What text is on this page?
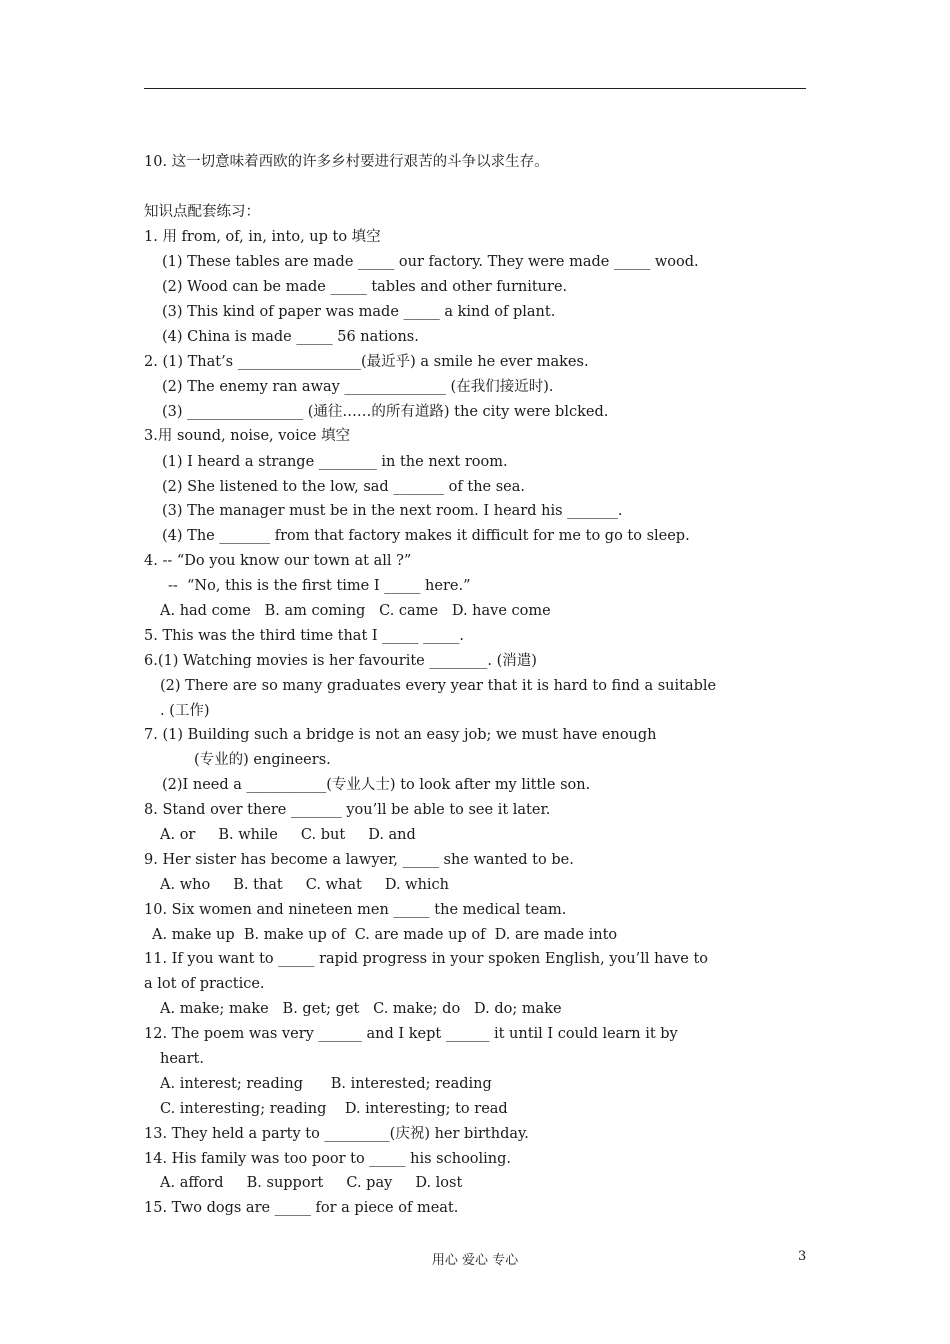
10. 这一切意味着西欧的许多乡村要进行艰苦的斗争以求生存。
知识点配套练习：
1. 用 from, of, in, into, up to 填空
(1) These tables are made _____ our factory. They were made _____ wood.
(2) Wood can be made _____ tables and other furniture.
(3) This kind of paper was made _____ a kind of plant.
(4) China is made _____ 56 nations.
2. (1) That’s _________________(最近乎) a smile he ever makes.
(2) The enemy ran away ______________ (在我们接近时).
(3) ________________ (通往……的所有道路) the city were blcked.
3.用 sound, noise, voice 填空
(1) I heard a strange ________ in the next room.
(2) She listened to the low, sad _______ of the sea.
(3) The manager must be in the next room. I heard his _______.
(4) The _______ from that factory makes it difficult for me to go to sleep.
4. -- “Do you know our town at all ?”
--  “No, this is the first time I _____ here.”
A. had come   B. am coming   C. came   D. have come
5. This was the third time that I _____ _____.
6.(1) Watching movies is her favourite ________. (消遣)
(2) There are so many graduates every year that it is hard to find a suitable
. (工作)
7. (1) Building such a bridge is not an easy job; we must have enough
(专业的) engineers.
(2)I need a ___________(专业人士) to look after my little son.
8. Stand over there _______ you’ll be able to see it later.
A. or     B. while     C. but     D. and
9. Her sister has become a lawyer, _____ she wanted to be.
A. who     B. that     C. what     D. which
10. Six women and nineteen men _____ the medical team.
A. make up  B. make up of  C. are made up of  D. are made into
11. If you want to _____ rapid progress in your spoken English, you’ll have to
a lot of practice.
A. make; make   B. get; get   C. make; do   D. do; make
12. The poem was very ______ and I kept ______ it until I could learn it by
heart.
A. interest; reading      B. interested; reading
C. interesting; reading    D. interesting; to read
13. They held a party to _________(庆祝) her birthday.
14. His family was too poor to _____ his schooling.
A. afford     B. support     C. pay     D. lost
15. Two dogs are _____ for a piece of meat.
用心 爱心 专心	3
